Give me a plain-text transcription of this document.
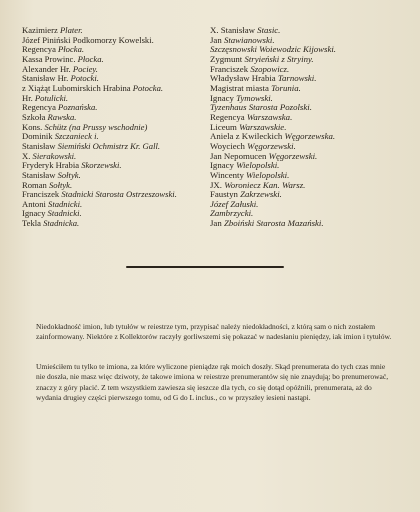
Kazimierz Plater.
Józef Piniński Podkomorzy Kowelski.
Regencya Płocka.
Kassa Prowinc. Płocka.
Alexander Hr. Pociey.
Stanisław Hr. Potocki.
z Xiążąt Lubomirskich Hrabina Potocka.
Hr. Potulicki.
Regencya Poznańska.
Szkoła Rawska.
Kons. Schütz (na Prussy wschodnie)
Dominik Szczanieck i.
Stanisław Siemiński Ochmistrz Kr. Gall.
X. Sierakowski.
Fryderyk Hrabia Skorzewski.
Stanisław Sołtyk.
Roman Sołtyk.
Franciszek Stadnicki Starosta Ostrzeszowski.
Antoni Stadnicki.
Ignacy Stadnicki.
Tekla Stadnicka.
X. Stanisław Stasic.
Jan Stawianowski.
Szczęsnowski Woiewodzic Kijowski.
Zygmunt Stryieński z Stryiny.
Franciszek Szopowicz.
Władysław Hrabia Tarnowski.
Magistrat miasta Torunia.
Ignacy Tymowski.
Tyzenhaus Starosta Pozolski.
Regencya Warszawska.
Liceum Warszawskie.
Aniela z Kwileckich Węgorzewska.
Woyciech Węgorzewski.
Jan Nepomucen Węgorzewski.
Ignacy Wielopolski.
Wincenty Wielopolski.
JX. Woroniecz Kan. Warsz.
Faustyn Zakrzewski.
Józef Załuski.
Zambrzycki.
Jan Zboiński Starosta Mazański.

Niedokładność imion, lub tytułów w reiestrze tym, przypisać należy niedokładności, z którą sam o nich zostałem zainformowany. Niektóre z Kollektorów raczyły gorliwszemi się pokazać w nadesłaniu pieniędzy, iak imion i tytułów.

Umieściłem tu tylko te imiona, za które wyliczone pieniądze rąk moich doszły. Skąd prenumerata do tych czas mnie nie doszła, nie masz więc dziwoty, że takowe imiona w reiestrze prenumerantów się nie znaydują; bo prenumerować, znaczy z góry płacić. Z tem wszystkiem zawiesza się ieszcze dla tych, co się dotąd opóźnili, prenumerata, aż do wydania drugiey części pierwszego tomu, od G do L inclus., co w przyszłey iesieni nastąpi.
